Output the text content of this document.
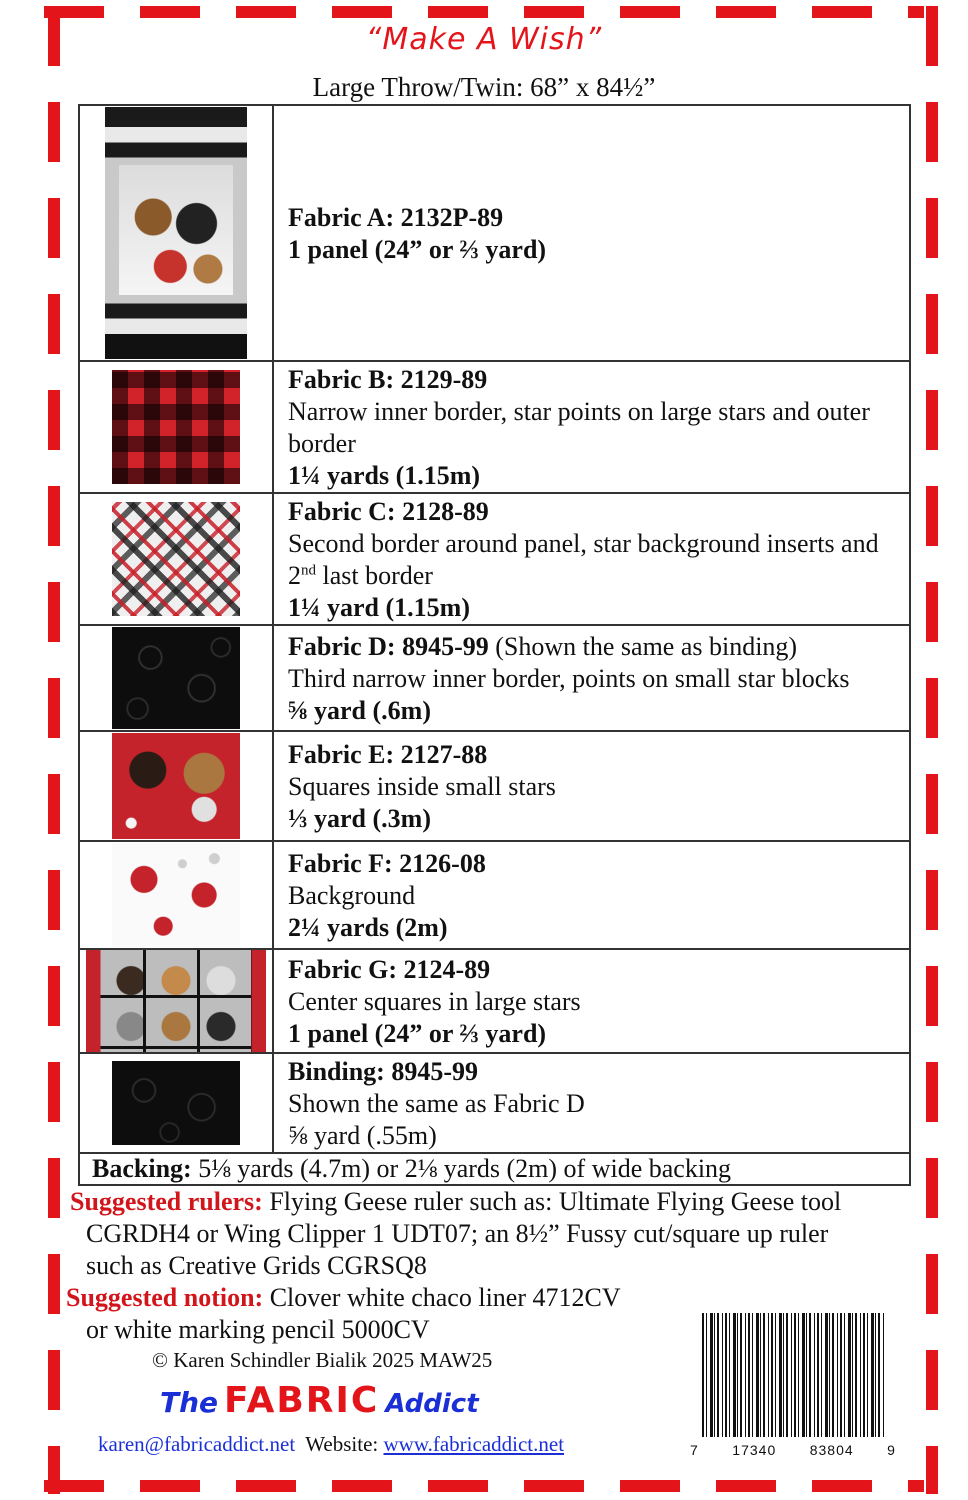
“Make A Wish”
Large Throw/Twin: 68” x 84½”

	Fabric A: 2132P-89
1 panel (24” or ⅔ yard)

	Fabric B: 2129-89
Narrow inner border, star points on large stars and outer border
1¼ yards (1.15m)

	Fabric C: 2128-89
Second border around panel, star background inserts and 2nd last border
1¼ yard (1.15m)

	Fabric D: 8945-99 (Shown the same as binding)
Third narrow inner border, points on small star blocks
⅝ yard (.6m)

	Fabric E: 2127-88
Squares inside small stars
⅓ yard (.3m)

	Fabric F: 2126-08
Background
2¼ yards (2m)

	Fabric G: 2124-89
Center squares in large stars
1 panel (24” or ⅔ yard)

	Binding: 8945-99
Shown the same as Fabric D
⅝ yard (.55m)

Backing: 5⅛ yards (4.7m) or 2⅛ yards (2m) of wide backing	
Suggested rulers: Flying Geese ruler such as: Ultimate Flying Geese tool
CGRDH4 or Wing Clipper 1 UDT07; an 8½” Fussy cut/square up ruler
such as Creative Grids CGRSQ8
Suggested notion: Clover white chaco liner 4712CV
or white marking pencil 5000CV
© Karen Schindler Bialik 2025 MAW25
The FABRIC Addict
karen@fabricaddict.net  Website: www.fabricaddict.net	7 17340 83804 9
